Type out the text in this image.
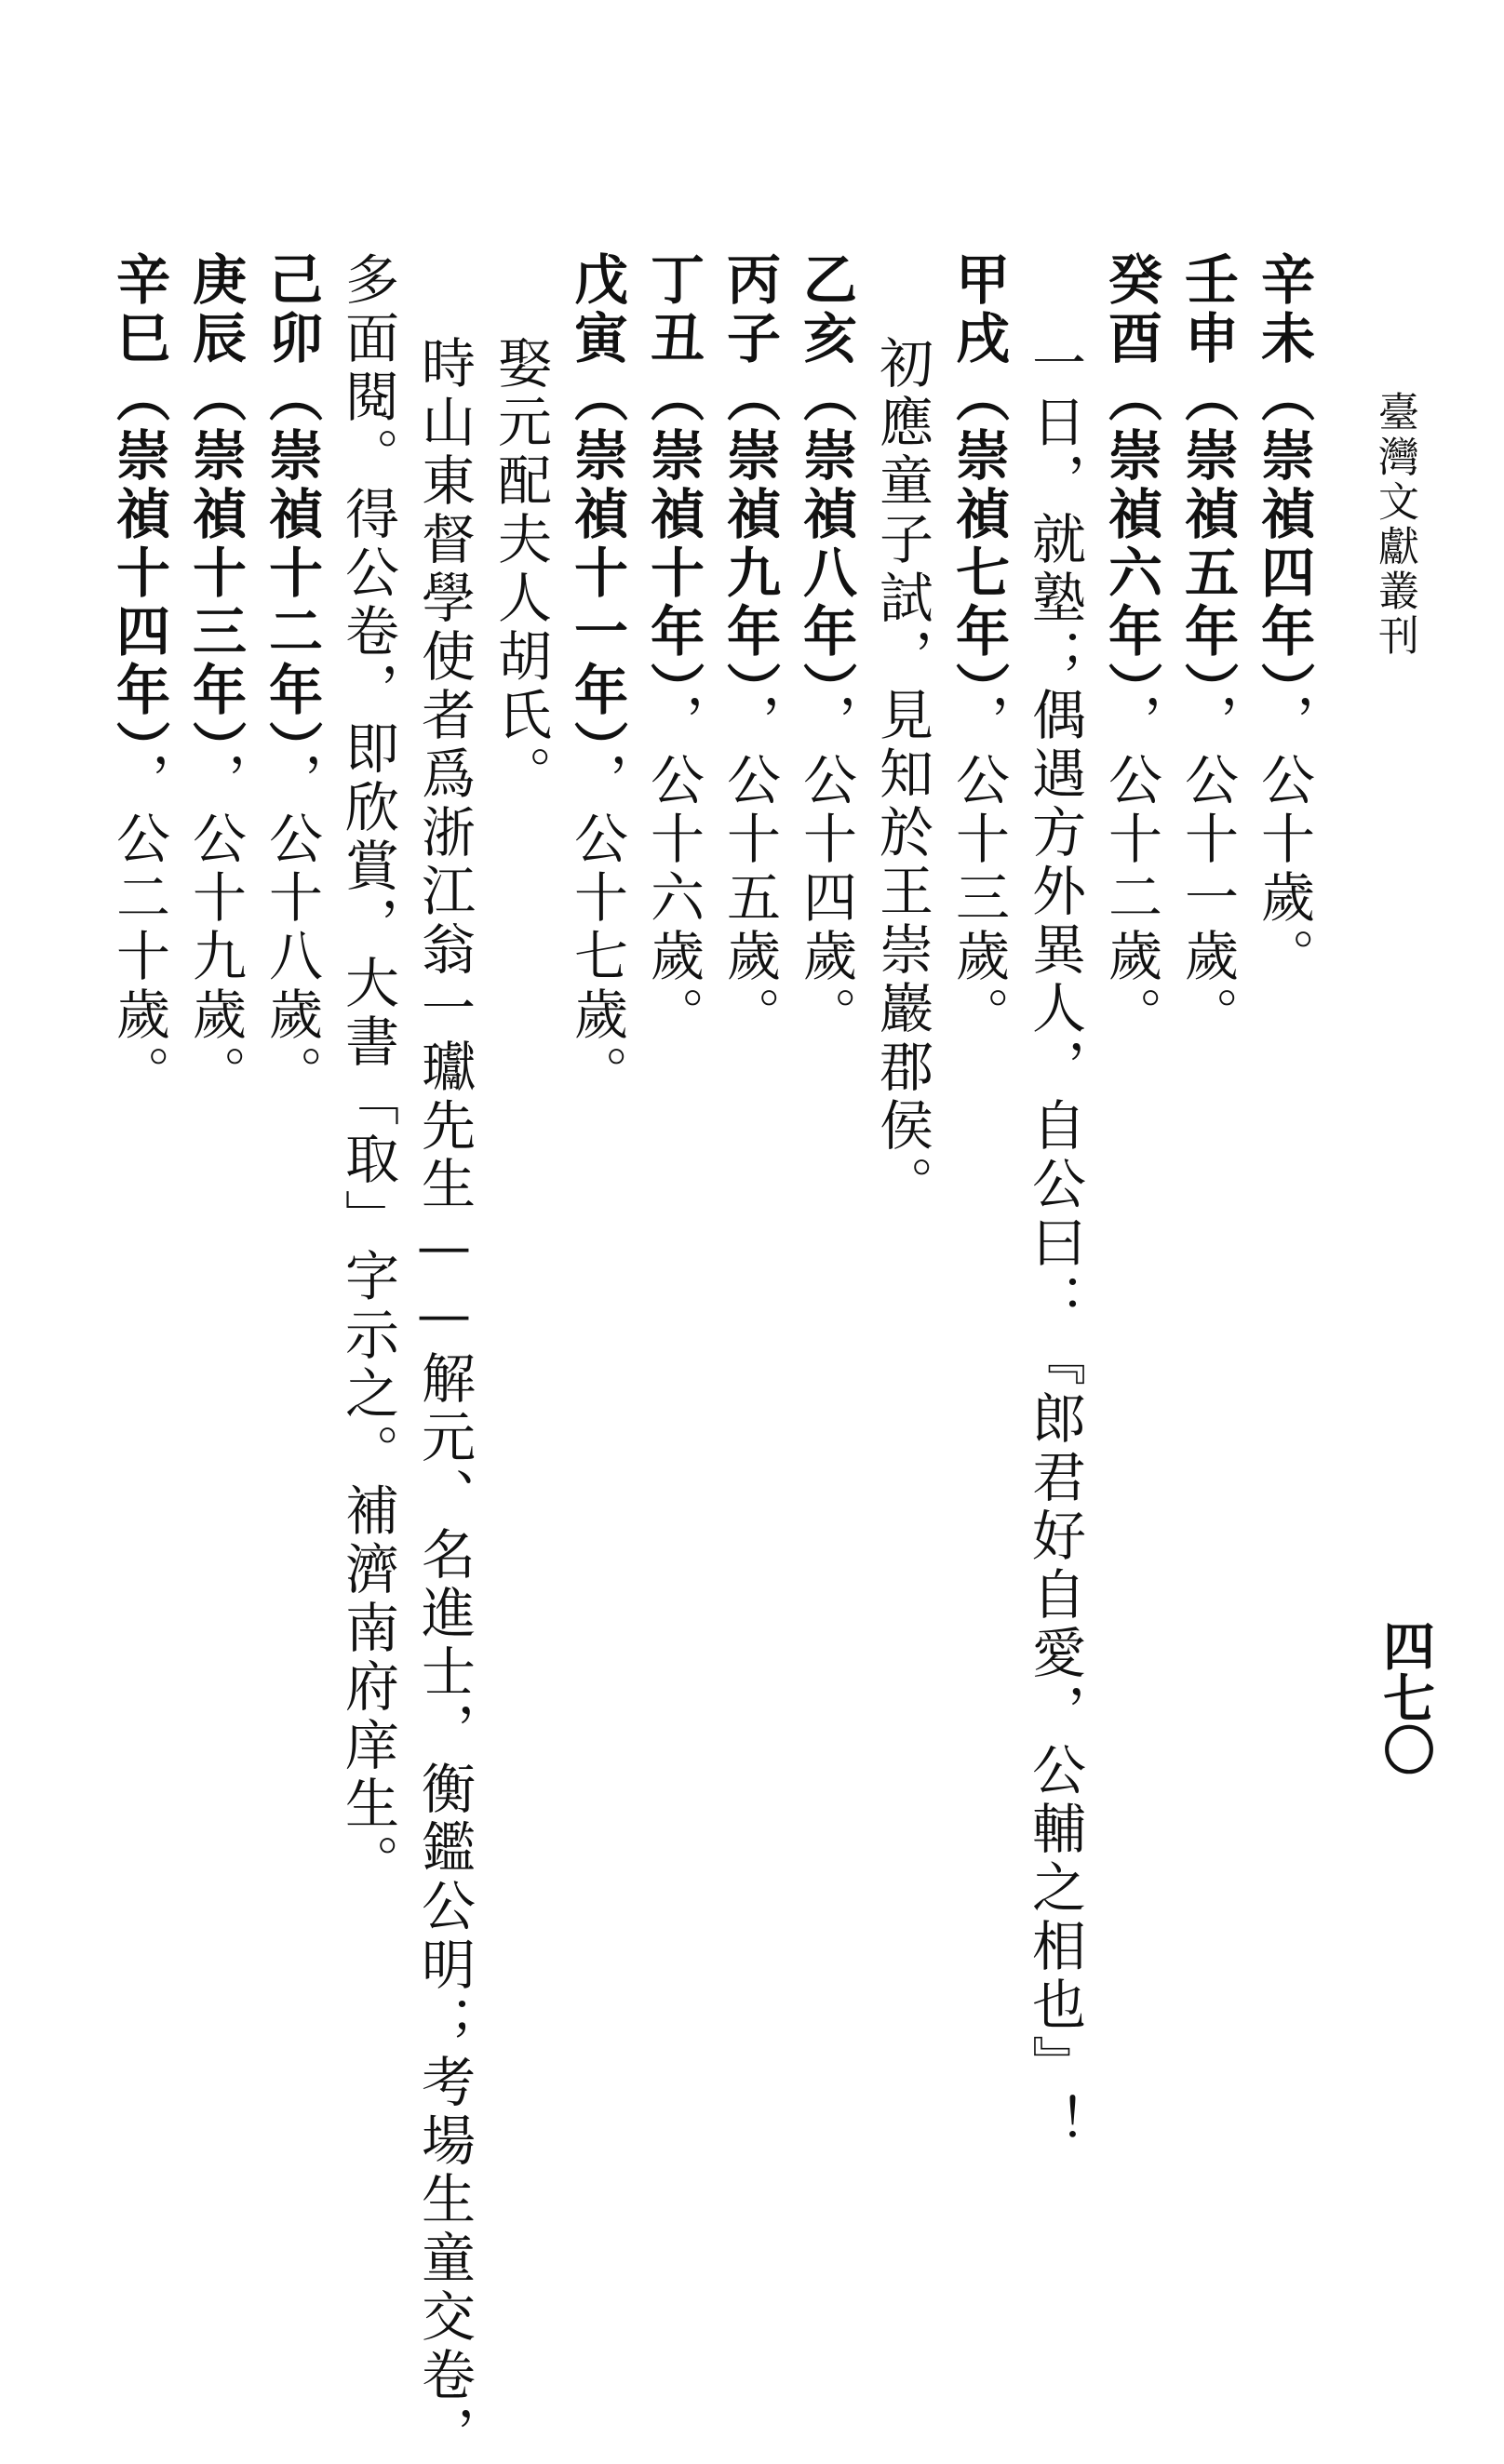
臺灣文獻叢刊
四七〇
辛未（崇禎四年），公十歲。
壬申（崇禎五年），公十一歲。
癸酉（崇禎六年），公十二歲。
一日，就塾；偶遇方外異人，自公曰：『郎君好自愛，公輔之相也』！
甲戌（崇禎七年），公十三歲。
初應童子試，見知於王崇巖郡侯。
乙亥（崇禎八年），公十四歲。
丙子（崇禎九年），公十五歲。
丁丑（崇禎十年），公十六歲。
戊寅（崇禎十一年），公十七歲。
娶元配夫人胡氏。
時山東督學使者爲浙江翁一瓛先生——解元、名進士，衡鑑公明；考場生童交卷，
多面閱。得公卷，即欣賞，大書「取」字示之。補濟南府庠生。
己卯（崇禎十二年），公十八歲。
庚辰（崇禎十三年），公十九歲。
辛巳（崇禎十四年），公二十歲。
